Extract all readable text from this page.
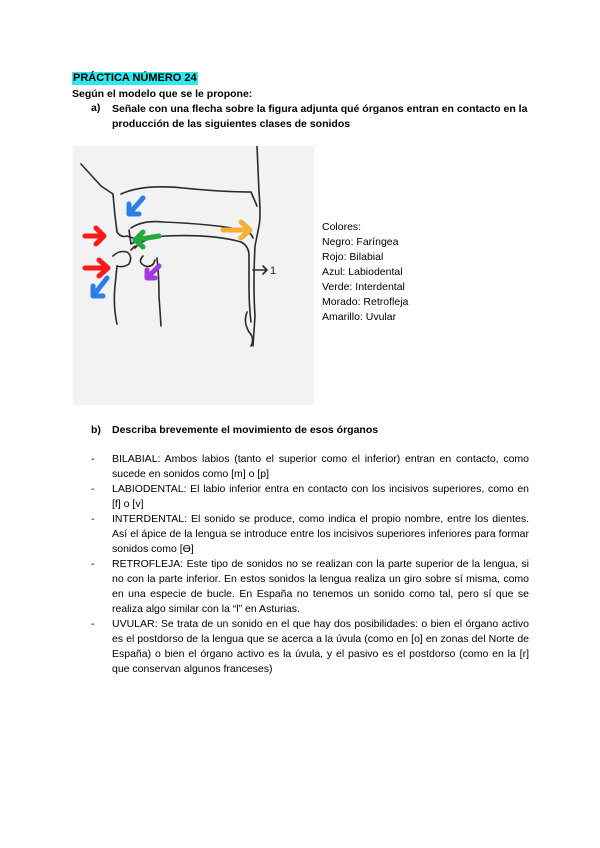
PRÁCTICA NÚMERO 24
Según el modelo que se le propone:
a) Señale con una flecha sobre la figura adjunta qué órganos entran en contacto en la producción de las siguientes clases de sonidos
1
Colores:
Negro: Faríngea
Rojo: Bilabial
Azul: Labiodental
Verde: Interdental
Morado: Retrofleja
Amarillo: Uvular
b) Describa brevemente el movimiento de esos órganos
-	BILABIAL: Ambos labios (tanto el superior como el inferior) entran en contacto, como sucede en sonidos como [m] o [p]
-	LABIODENTAL: El labio inferior entra en contacto con los incisivos superiores, como en [f] o [v]
-	INTERDENTAL: El sonido se produce, como indica el propio nombre, entre los dientes. Así el ápice de la lengua se introduce entre los incisivos superiores inferiores para formar sonidos como [Ɵ]
-	RETROFLEJA: Este tipo de sonidos no se realizan con la parte superior de la lengua, si no con la parte inferior. En estos sonidos la lengua realiza un giro sobre sí misma, como en una especie de bucle. En España no tenemos un sonido como tal, pero sí que se realiza algo similar con la “l” en Asturias.
-	UVULAR: Se trata de un sonido en el que hay dos posibilidades: o bien el órgano activo es el postdorso de la lengua que se acerca a la úvula (como en [o] en zonas del Norte de España) o bien el órgano activo es la úvula, y el pasivo es el postdorso (como en la [r] que conservan algunos franceses)
